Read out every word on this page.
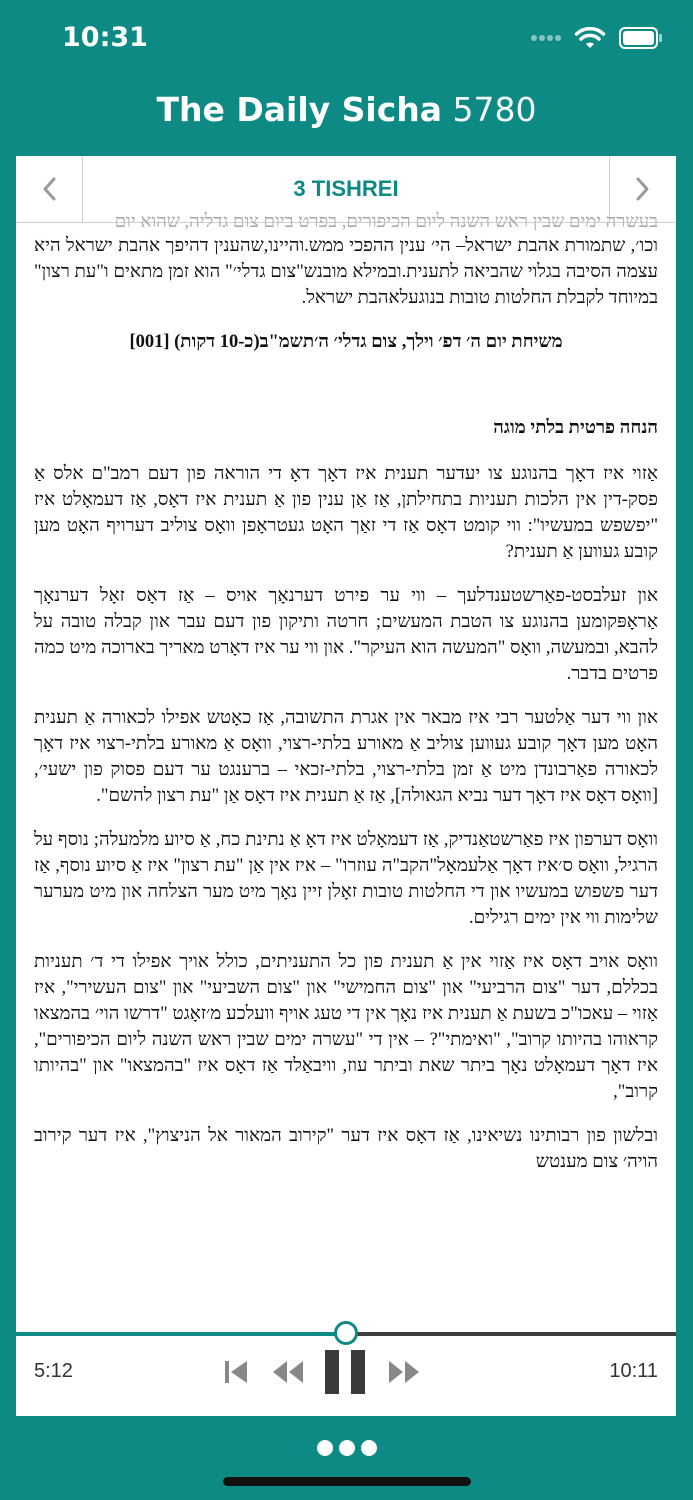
10:31
The Daily Sicha 5780
3 TISHREI

בעשרה ימים שבין ראש השנה ליום הכיפורים, בפרט ביום צום גדליה, שהוא יום

וכו׳, שתמורת אהבת ישראל– הי׳ ענין ההפכי ממש.והיינו,שהענין דהיפך אהבת ישראל היא עצמה הסיבה בגלוי שהביאה לתענית.ובמילא מובנש"צום גדלי׳" הוא זמן מתאים ו"עת רצון" במיוחד לקבלת החלטות טובות בנוגעלאהבת ישראל.

משיחת יום ה׳ דפ׳ וילך, צום גדלי׳ ה׳תשמ"ב(כ-10 דקות) [001]

הנחה פרטית בלתי מוגה

אַזוי איז דאָך בהנוגע צו יעדער תענית איז דאָך דאָ די הוראה פון דעם רמב"ם אלס אַ פסק-דין אין הלכות תעניות בתחילתן, אַז אַן ענין פון אַ תענית איז דאָס, אַז דעמאָלט איז "יפשפש במעשיו": ווי קומט דאָס אַז די זאַך האָט געטראָפן וואָס צוליב דערויף האָט מען קובע געווען אַ תענית?

און זעלבסט-פאַרשטענדלעך – ווי ער פירט דערנאָך אויס – אַז דאָס זאָל דערנאָך אַראָפּקומען בהנוגע צו הטבת המעשים; חרטה ותיקון פון דעם עבר און קבלה טובה על להבא, ובמעשה, וואָס "המעשה הוא העיקר". און ווי ער איז דאָרט מאריך בארוכה מיט כמה פרטים בדבר.

און ווי דער אַלטער רבי איז מבאר אין אגרת התשובה, אַז כאָטש אפילו לכאורה אַ תענית האָט מען דאָך קובע געווען צוליב אַ מאורע בלתי-רצוי, וואָס אַ מאורע בלתי-רצוי איז דאָך לכאורה פאַרבונדן מיט אַ זמן בלתי-רצוי, בלתי-זכאי – ברענגט ער דעם פסוק פון ישעי׳, [וואָס דאָס איז דאָך דער נביא הגאולה], אַז אַ תענית איז דאָס אַן "עת רצון להשם".

וואָס דערפון איז פאַרשטאַנדיק, אַז דעמאָלט איז דאָ אַ נתינת כח, אַ סיוע מלמעלה; נוסף על הרגיל, וואָס ס׳איז דאָך אַלעמאָל"הקב"ה עוזרו" – איז אין אַן "עת רצון" איז אַ סיוע נוסף, אַז דער פשפוש במעשיו און די החלטות טובות זאָלן זיין נאָך מיט מער הצלחה און מיט מערער שלימות ווי אין ימים רגילים.

וואָס אויב דאָס איז אַזוי אין אַ תענית פון כל התעניתים, כולל אויך אפילו די ד׳ תעניות בכללם, דער "צום הרביעי" און "צום החמישי" און "צום השביעי" און "צום העשירי", איז אַזוי – עאכו"כ בשעת אַ תענית איז נאָך אין די טעג אויף וועלכע מ׳זאָגט "דרשו הוי׳ בהמצאו קראוהו בהיותו קרוב", "ואימתי"? – אין די "עשרה ימים שבין ראש השנה ליום הכיפורים", איז דאָך דעמאָלט נאָך ביתר שאת וביתר עוז, וויבאַלד אַז דאָס איז "בהמצאו" און "בהיותו קרוב",

ובלשון פון רבותינו נשיאינו, אַז דאָס איז דער "קירוב המאור אל הניצוץ", איז דער קירוב הויה׳ צום מענטש

5:12	10:11
